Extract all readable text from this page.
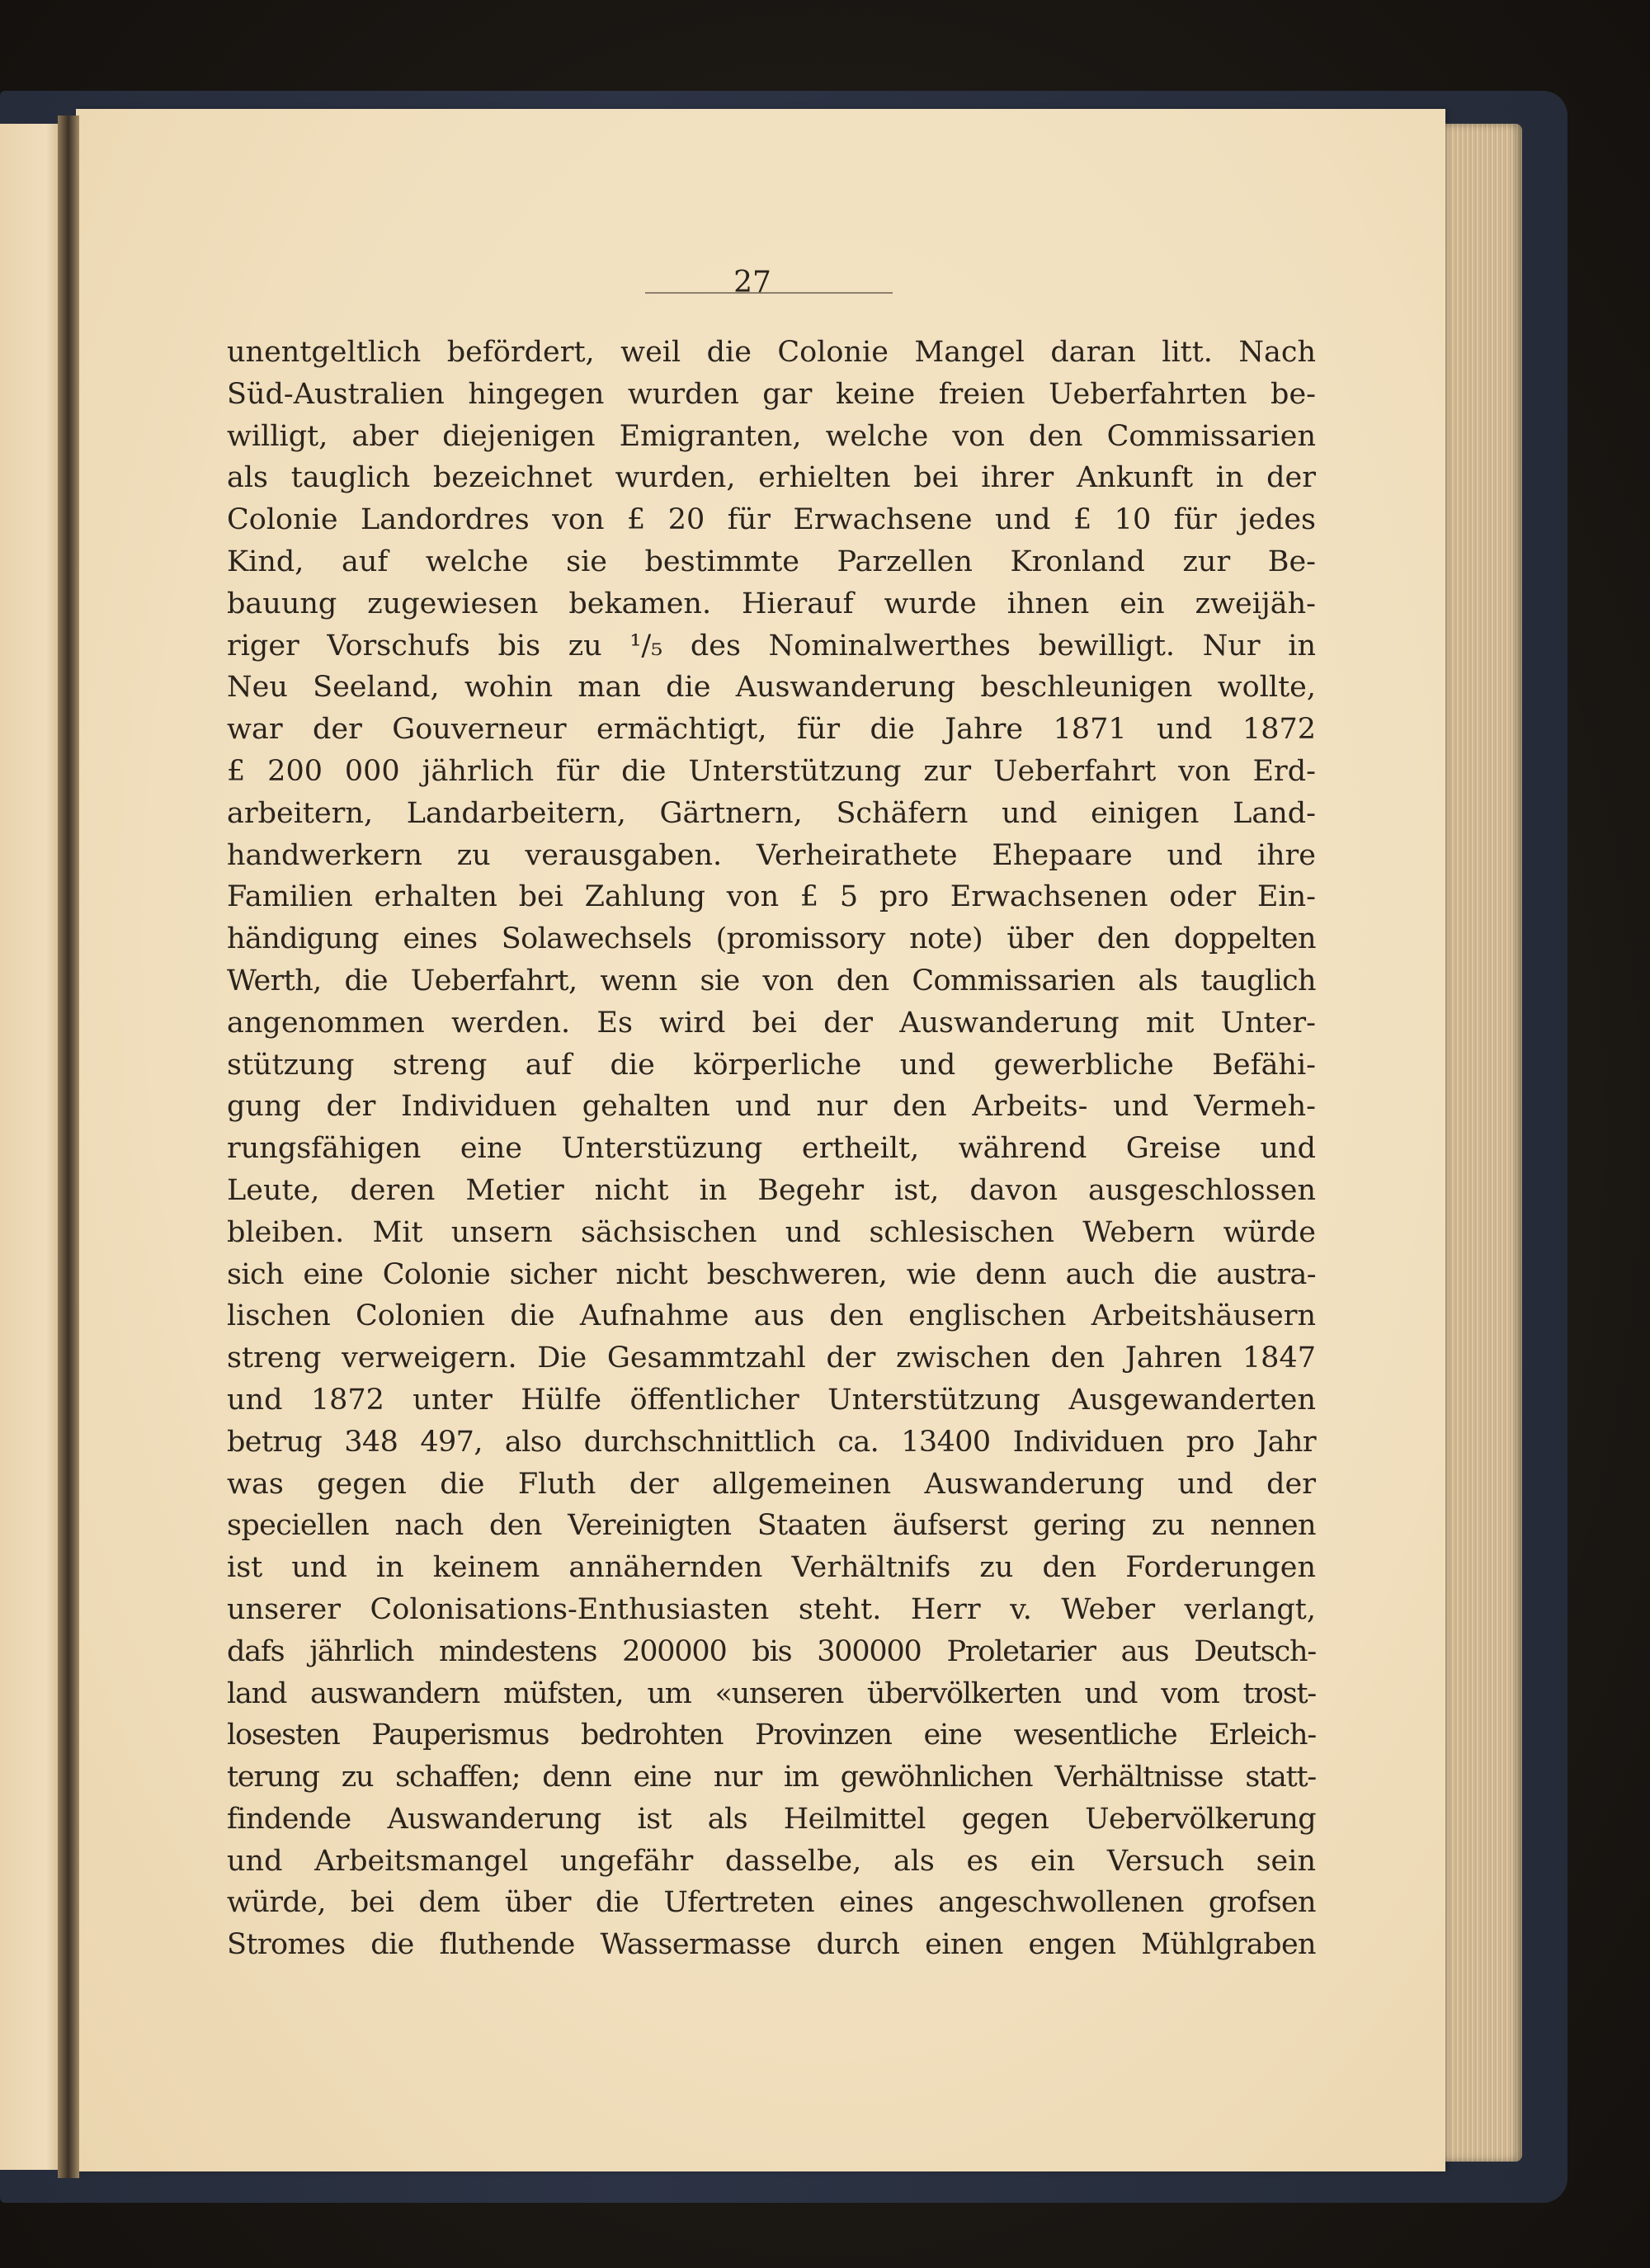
27

unentgeltlich befördert, weil die Colonie Mangel daran litt. Nach
Süd-Australien hingegen wurden gar keine freien Ueberfahrten be-
willigt, aber diejenigen Emigranten, welche von den Commissarien
als tauglich bezeichnet wurden, erhielten bei ihrer Ankunft in der
Colonie Landordres von £ 20 für Erwachsene und £ 10 für jedes
Kind, auf welche sie bestimmte Parzellen Kronland zur Be-
bauung zugewiesen bekamen. Hierauf wurde ihnen ein zweijäh-
riger Vorschufs bis zu ¹/₅ des Nominalwerthes bewilligt. Nur in
Neu Seeland, wohin man die Auswanderung beschleunigen wollte,
war der Gouverneur ermächtigt, für die Jahre 1871 und 1872
£ 200 000 jährlich für die Unterstützung zur Ueberfahrt von Erd-
arbeitern, Landarbeitern, Gärtnern, Schäfern und einigen Land-
handwerkern zu verausgaben. Verheirathete Ehepaare und ihre
Familien erhalten bei Zahlung von £ 5 pro Erwachsenen oder Ein-
händigung eines Solawechsels (promissory note) über den doppelten
Werth, die Ueberfahrt, wenn sie von den Commissarien als tauglich
angenommen werden. Es wird bei der Auswanderung mit Unter-
stützung streng auf die körperliche und gewerbliche Befähi-
gung der Individuen gehalten und nur den Arbeits- und Vermeh-
rungsfähigen eine Unterstüzung ertheilt, während Greise und
Leute, deren Metier nicht in Begehr ist, davon ausgeschlossen
bleiben. Mit unsern sächsischen und schlesischen Webern würde
sich eine Colonie sicher nicht beschweren, wie denn auch die austra-
lischen Colonien die Aufnahme aus den englischen Arbeitshäusern
streng verweigern. Die Gesammtzahl der zwischen den Jahren 1847
und 1872 unter Hülfe öffentlicher Unterstützung Ausgewanderten
betrug 348 497, also durchschnittlich ca. 13400 Individuen pro Jahr
was gegen die Fluth der allgemeinen Auswanderung und der
speciellen nach den Vereinigten Staaten äufserst gering zu nennen
ist und in keinem annähernden Verhältnifs zu den Forderungen
unserer Colonisations-Enthusiasten steht. Herr v. Weber verlangt,
dafs jährlich mindestens 200000 bis 300000 Proletarier aus Deutsch-
land auswandern müfsten, um «unseren übervölkerten und vom trost-
losesten Pauperismus bedrohten Provinzen eine wesentliche Erleich-
terung zu schaffen; denn eine nur im gewöhnlichen Verhältnisse statt-
findende Auswanderung ist als Heilmittel gegen Uebervölkerung
und Arbeitsmangel ungefähr dasselbe, als es ein Versuch sein
würde, bei dem über die Ufertreten eines angeschwollenen grofsen
Stromes die fluthende Wassermasse durch einen engen Mühlgraben
